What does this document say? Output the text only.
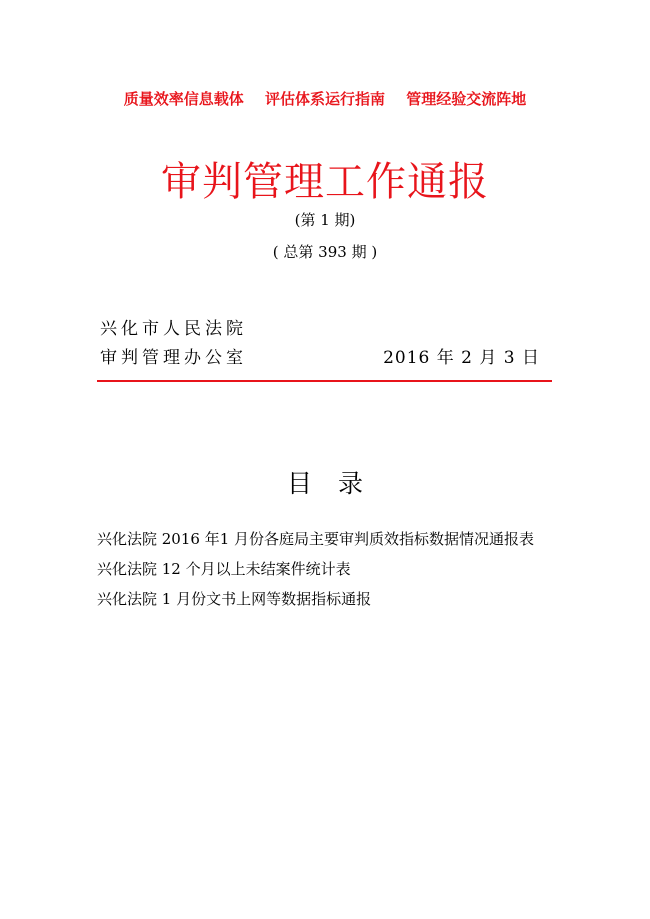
质量效率信息载体 评估体系运行指南 管理经验交流阵地
审判管理工作通报
(第 1 期)
( 总第 393 期 )
兴化市人民法院
审判管理办公室	2016 年 2 月 3 日
目录
兴化法院 2016 年1 月份各庭局主要审判质效指标数据情况通报表
兴化法院 12 个月以上未结案件统计表
兴化法院 1 月份文书上网等数据指标通报
